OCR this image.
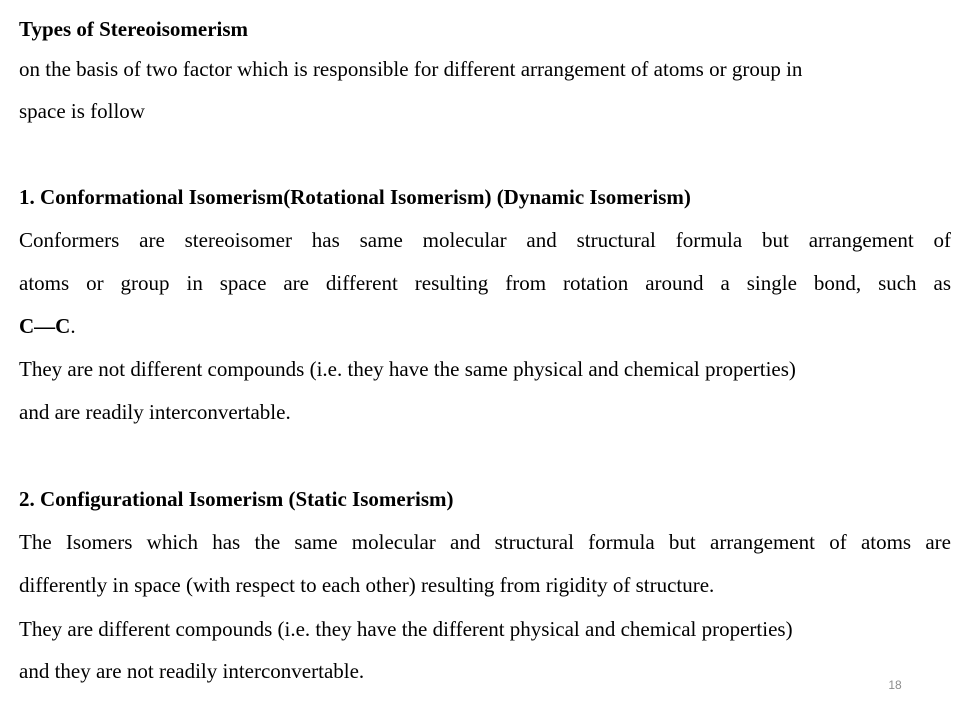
Types of Stereoisomerism
on the basis of two factor which is responsible for different arrangement of atoms or group in
space is follow
1. Conformational Isomerism(Rotational Isomerism) (Dynamic Isomerism)
Conformers are stereoisomer has same molecular and structural formula but arrangement of
atoms or group in space are different resulting from rotation around a single bond, such as
C—C.
They are not different compounds (i.e. they have the same physical and chemical properties)
and are readily interconvertable.
2. Configurational Isomerism (Static Isomerism)
The Isomers which has the same molecular and structural formula but arrangement of atoms are
differently in space (with respect to each other) resulting from rigidity of structure.
They are different compounds (i.e. they have the different physical and chemical properties)
and they are not readily interconvertable.
18
